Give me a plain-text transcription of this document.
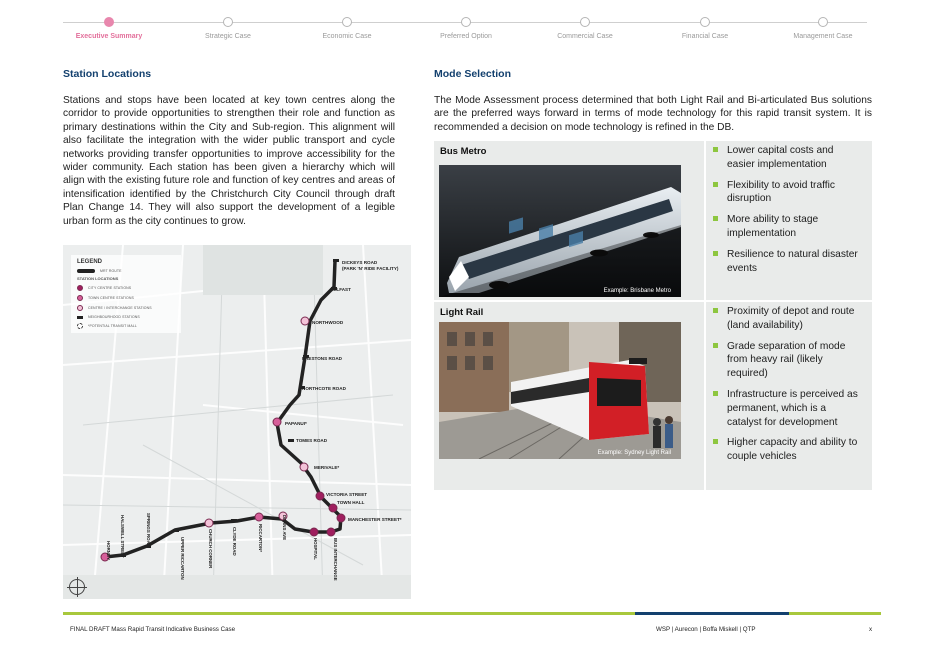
Executive Summary	Strategic Case	Economic Case	Preferred Option	Commercial Case	Financial Case	Management Case
Station Locations

Stations and stops have been located at key town centres along the corridor to provide opportunities to strengthen their role and function as primary destinations within the City and Sub-region. This alignment will also facilitate the integration with the wider public transport and cycle networks providing transfer opportunities to improve accessibility for the wider community. Each station has been given a hierarchy which will align with the existing future role and function of key centres and areas of intensification identified by the Christchurch City Council through draft Plan Change 14. They will also support the development of a legible urban form as the city continues to grow.

DICKEYS ROAD
(PARK 'N' RIDE FACILITY)
BELFAST
NORTHWOOD
PRESTONS ROAD
NORTHCOTE ROAD
PAPANUI*
TOMES ROAD
MERIVALE*
VICTORIA STREET
TOWN HALL
MANCHESTER STREET*
HORNBY HALSWELL STREET	SPRINGS ROAD
UPPER RICCARTON	CHURCH CORNER	CLYDE ROAD	RICCARTON*	DEANS AVE
HOSPITAL	BUS INTERCHANGE
LEGEND
MRT ROUTE
STATION LOCATIONS
CITY CENTRE STATIONS
TOWN CENTRE STATIONS
CENTRE / INTERCHANGE STATIONS
NEIGHBOURHOOD STATIONS
*POTENTIAL TRANSIT MALL
Mode Selection

The Mode Assessment process determined that both Light Rail and Bi-articulated Bus solutions are the preferred ways forward in terms of mode technology for this rapid transit system. It is recommended a decision on mode technology is refined in the DB.

Bus Metro
Example: Brisbane Metro
Lower capital costs and easier implementation
Flexibility to avoid traffic disruption
More ability to stage implementation
Resilience to natural disaster events
Light Rail
Example: Sydney Light Rail
Proximity of depot and route (land availability)
Grade separation of mode from heavy rail (likely required)
Infrastructure is perceived as permanent, which is a catalyst for development
Higher capacity and ability to couple vehicles
FINAL DRAFT Mass Rapid Transit Indicative Business Case	WSP | Aurecon | Boffa Miskell | QTP	x
